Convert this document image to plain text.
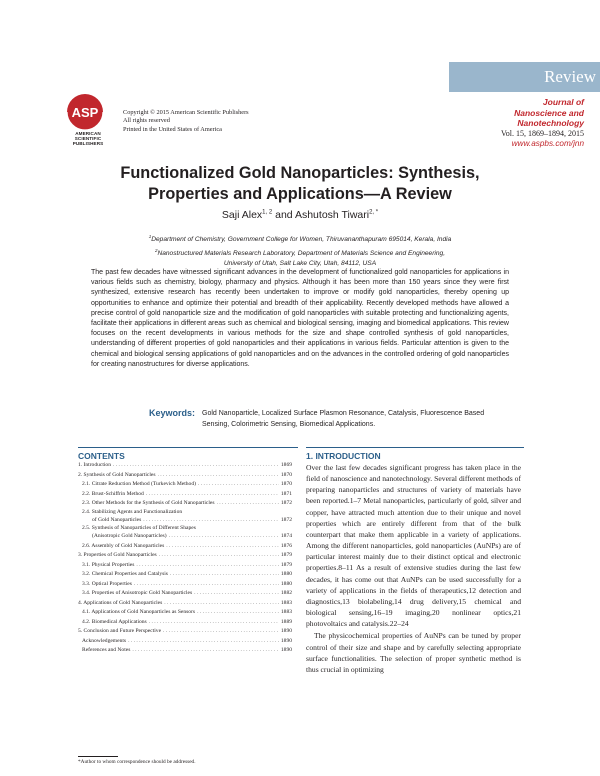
Review
Journal of
Nanoscience and Nanotechnology
Vol. 15, 1869–1894, 2015
www.aspbs.com/jnn
ASP
AMERICAN
SCIENTIFIC
PUBLISHERS
Copyright © 2015 American Scientific Publishers
All rights reserved
Printed in the United States of America
Functionalized Gold Nanoparticles: Synthesis,
Properties and Applications—A Review
Saji Alex$^{1, 2}$ and Ashutosh Tiwari$^{2, *}$
$^1$Department of Chemistry, Government College for Women, Thiruvananthapuram 695014, Kerala, India
$^2$Nanostructured Materials Research Laboratory, Department of Materials Science and Engineering,
University of Utah, Salt Lake City, Utah, 84112, USA

The past few decades have witnessed significant advances in the development of functionalized gold nanoparticles for applications in various fields such as chemistry, biology, pharmacy and physics. Although it has been more than 150 years since they were first synthesized, extensive research has recently been undertaken to improve or modify gold nanoparticles, thereby opening up opportunities to enhance and optimize their potential and breadth of their applicability. Recently developed methods have allowed a precise control of gold nanoparticle size and the modification of gold nanoparticles with suitable protecting and functionalizing agents, facilitate their applications in different areas such as chemical and biological sensing, imaging and biomedical applications. This review focuses on the recent developments in various methods for the size and shape controlled synthesis of gold nanoparticles, understanding of different properties of gold nanoparticles and their applications in various fields. Particular attention is given to the chemical and biological sensing applications of gold nanoparticles and on the advances in the controlled ordering of gold nanoparticles for creating nanostructures for diverse applications.

Keywords: Gold Nanoparticle, Localized Surface Plasmon Resonance, Catalysis, Fluorescence Based Sensing, Colorimetric Sensing, Biomedical Applications.
CONTENTS
1. Introduction . . .	1869
2. Synthesis of Gold Nanoparticles . . .	1870
2.1. Citrate Reduction Method (Turkevich Method) . . .	1870
2.2. Brust-Schiffrin Method . . .	1871
2.3. Other Methods for the Synthesis of Gold Nanoparticles . . .	1872
2.4. Stabilizing Agents and Functionalization
of Gold Nanoparticles . . .	1872
2.5. Synthesis of Nanoparticles of Different Shapes
(Anisotropic Gold Nanoparticles) . . .	1874
2.6. Assembly of Gold Nanoparticles . . .	1876
3. Properties of Gold Nanoparticles . . .	1879
3.1. Physical Properties . . .	1879
3.2. Chemical Properties and Catalysis . . .	1880
3.3. Optical Properties . . .	1880
3.4. Properties of Anisotropic Gold Nanoparticles . . .	1882
4. Applications of Gold Nanoparticles . . .	1883
4.1. Applications of Gold Nanoparticles as Sensors . . .	1883
4.2. Biomedical Applications . . .	1889
5. Conclusion and Future Perspective . . .	1890
Acknowledgements . . .	1890
References and Notes . . .	1890
1. INTRODUCTION

Over the last few decades significant progress has taken place in the field of nanoscience and nanotechnology. Several different methods of preparing nanoparticles and structures of variety of materials have been reported.1–7 Metal nanoparticles, particularly of gold, silver and copper, have attracted much attention due to their unique and novel properties which are entirely different from that of the bulk counterpart that make them applicable in a variety of applications. Among the different nanoparticles, gold nanoparticles (AuNPs) are of particular interest mainly due to their distinct optical and electronic properties.8–11 As a result of extensive studies during the last few decades, it has come out that AuNPs can be used successfully for a variety of applications in the fields of therapeutics,12 detection and diagnostics,13 biolabeling,14 drug delivery,15 chemical and biological sensing,16–19 imaging,20 nonlinear optics,21 photovoltaics and catalysis.22–24

The physicochemical properties of AuNPs can be tuned by proper control of their size and shape and by carefully selecting appropriate surface functionalities. The selection of proper synthetic method is thus crucial in optimizing

*Author to whom correspondence should be addressed.
